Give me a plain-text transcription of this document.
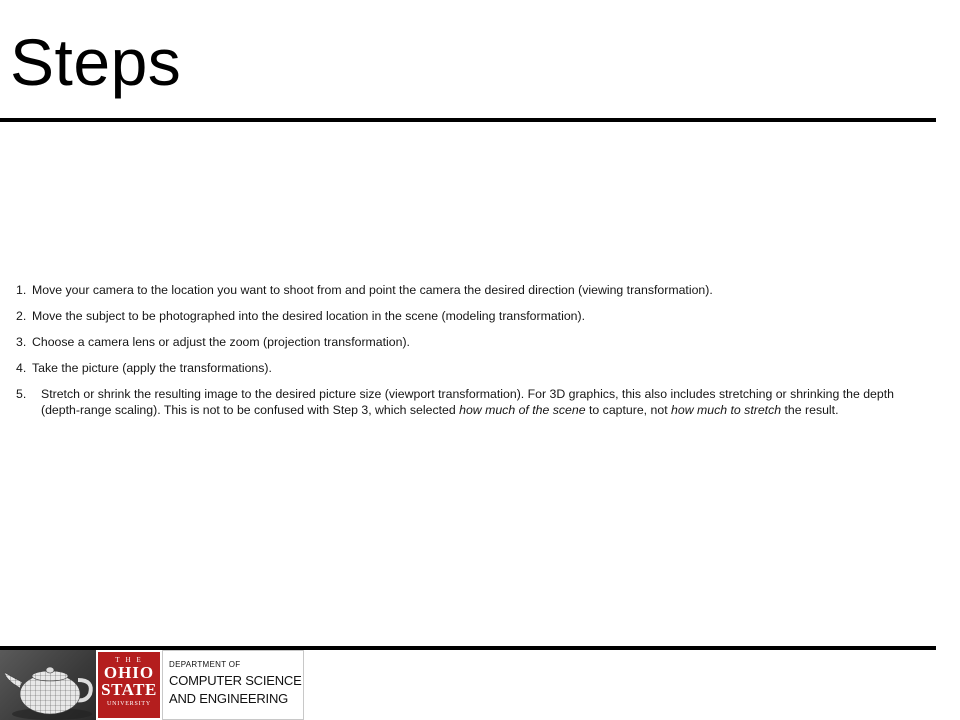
Steps
1. Move your camera to the location you want to shoot from and point the camera the desired direction (viewing transformation).
2. Move the subject to be photographed into the desired location in the scene (modeling transformation).
3. Choose a camera lens or adjust the zoom (projection transformation).
4. Take the picture (apply the transformations).
5. Stretch or shrink the resulting image to the desired picture size (viewport transformation). For 3D graphics, this also includes stretching or shrinking the depth (depth-range scaling). This is not to be confused with Step 3, which selected how much of the scene to capture, not how much to stretch the result.
THE
OHIO
STATE
UNIVERSITY
DEPARTMENT OF
COMPUTER SCIENCE
AND ENGINEERING
